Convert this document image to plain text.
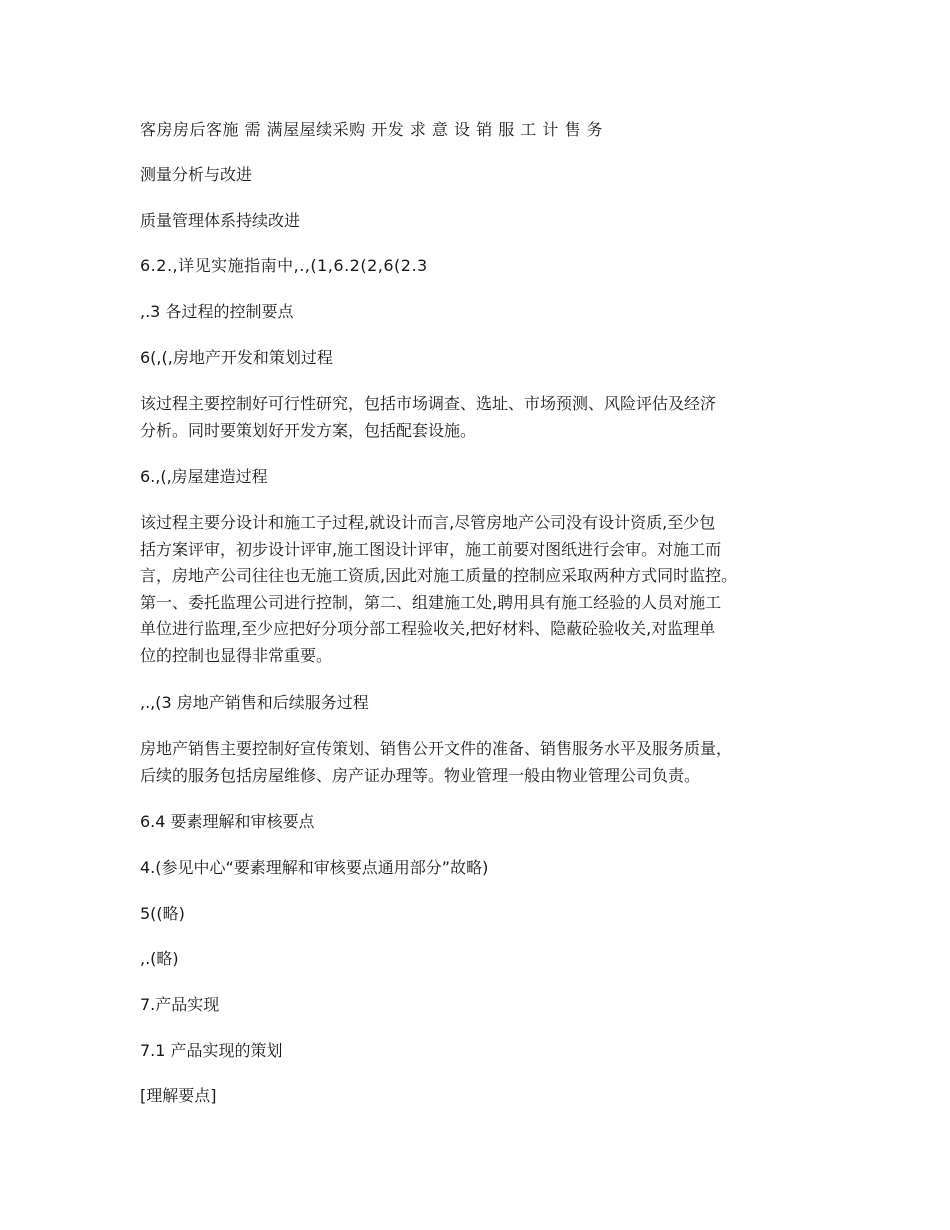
客房房后客施 需 满屋屋续采购 开发 求 意 设 销 服 工 计 售 务
测量分析与改进
质量管理体系持续改进
6.2.,详见实施指南中,.,(1,6.2(2,6(2.3
,.3 各过程的控制要点
6(,(,房地产开发和策划过程
该过程主要控制好可行性研究，包括市场调查、选址、市场预测、风险评估及经济
分析。同时要策划好开发方案，包括配套设施。
6.,(,房屋建造过程
该过程主要分设计和施工子过程,就设计而言,尽管房地产公司没有设计资质,至少包
括方案评审，初步设计评审,施工图设计评审，施工前要对图纸进行会审。对施工而
言，房地产公司往往也无施工资质,因此对施工质量的控制应采取两种方式同时监控。
第一、委托监理公司进行控制，第二、组建施工处,聘用具有施工经验的人员对施工
单位进行监理,至少应把好分项分部工程验收关,把好材料、隐蔽砼验收关,对监理单
位的控制也显得非常重要。
,.,(3 房地产销售和后续服务过程
房地产销售主要控制好宣传策划、销售公开文件的准备、销售服务水平及服务质量，
后续的服务包括房屋维修、房产证办理等。物业管理一般由物业管理公司负责。
6.4 要素理解和审核要点
4.(参见中心“要素理解和审核要点通用部分”故略)
5((略)
,.(略)
7.产品实现
7.1 产品实现的策划
[理解要点]
